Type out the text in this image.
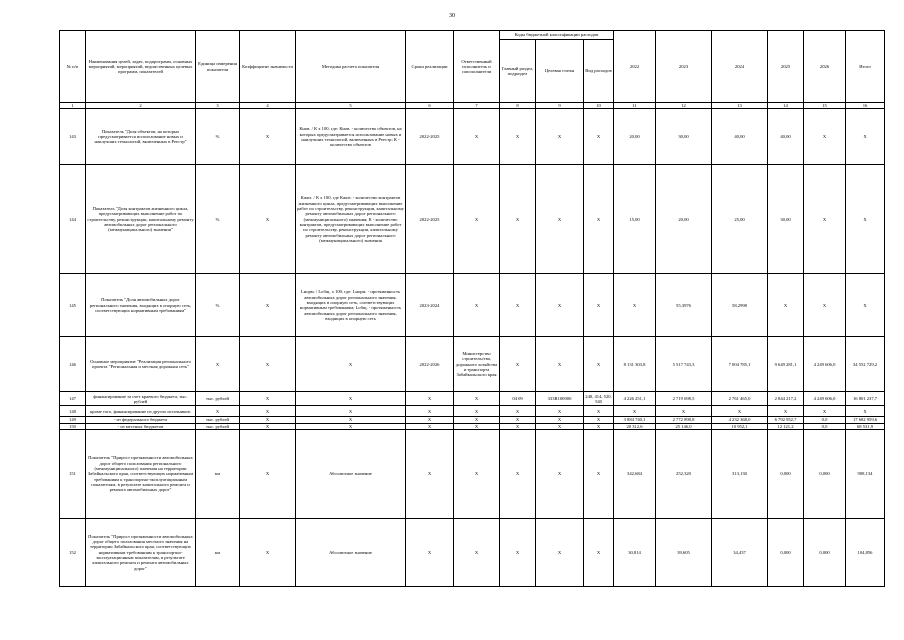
30
№ п/п	Наименования целей, задач, подпрограмм, основных мероприятий, мероприятий, ведомственных целевых программ, показателей	Единица измерения показателя	Коэффициент значимости	Методика расчета показателя	Сроки реализации	Ответственный исполнитель и соисполнители	Коды бюджетной классификации расходов			2022	2023	2024	2025	2026	Итого
							Главный раздел, подраздел	Целевая статья	Вид расходов						
1	2	3	4	5	6	7	8	9	10	11	12	13	14	15	16
143	Показатель "Доля объектов, на которых предусматривается использование новых и наилучших технологий, включенных в Реестр"	%	X	Кнов. / К x 100, где: Кнов. - количество объектов, на которых предусматривается использование новых и наилучших технологий, включенных в Реестр; К - количество объектов	2022-2025	X	X	X	X	20,00	30,00	40,00	40,00	X	X
144	Показатель "Доля контрактов жизненного цикла, предусматривающих выполнение работ по строительству, реконструкции, капитальному ремонту автомобильных дорог регионального (межмуниципального) значения"	%	X	Кжиз. / К x 100, где Кжиз. - количество контрактов жизненного цикла, предусматривающих выполнение работ по строительству, реконструкции, капитальному ремонту автомобильных дорог регионального (межмуниципального) значения; К - количество контрактов, предусматривающих выполнение работ по строительству, реконструкции, капитальному ремонту автомобильных дорог регионального (межмуниципального) значения	2022-2025	X	X	X	X	15,00	20,00	25,00	30,00	X	X
145	Показатель "Доля автомобильных дорог регионального значения, входящих в опорную сеть, соответствующих нормативным требованиям"	%	X	Lнорм. / Lобщ. x 100, где: Lнорм. - протяженность автомобильных дорог регионального значения, входящих в опорную сеть, соответствующих нормативным требованиям; Lобщ. - протяженность автомобильных дорог регионального значения, входящих в опорную сеть	2023-2024	X	X	X	X	X	55,3976	58,2998	X	X	X
146	Основное мероприятие "Реализация регионального проекта "Региональная и местная дорожная сеть"	X	X	X	2022-2026	Министерство строительства, дорожного хозяйства и транспорта Забайкальского края	X	X	X	8 131 303,8	5 517 743,3	7 004 785,1	9 649 281,1	4 249 606,0	34 552 729,2
147	финансирование за счет краевого бюджета, тыс. рублей	тыс. рублей	X	X	X	X	04 09	333R100000	240, 414, 520, 540	4 226 251,1	2 719 698,5	2 761 465,0	2 844 217,2	4 249 606,0	16 801 237,7
148	кроме того, финансирование из других источников:	X	X	X	X	X	X	X	X	X	X	X	X	X	X
149	- из федерального бюджета	тыс. рублей	X	X	X	X	X	X	X	3 884 740,1	2 772 898,8	4 232 368,0	6 792 952,7	0,0	17 682 959,6
150	- из местных бюджетов	тыс. рублей	X	X	X	X	X	X	X	20 312,6	25 146,0	10 952,1	12 121,2	0,0	68 531,9
151	Показатель "Прирост протяженности автомобильных дорог общего пользования регионального (межмуниципального) значения на территории Забайкальского края, соответствующих нормативным требованиям к транспортно-эксплуатационным показателям, в результате капитального ремонта и ремонта автомобильных дорог"	км	X	Абсолютное значение	X	X	X	X	X	342,684	252,320	313,130	0,000	0,000	908,134
152	Показатель "Прирост протяженности автомобильных дорог общего пользования местного значения на территории Забайкальского края, соответствующих нормативным требованиям к транспортно-эксплуатационным показателям, в результате капитального ремонта и ремонта автомобильных дорог"	км	X	Абсолютное значение	X	X	X	X	X	30,814	39,605	34,437	0,000	0,000	104,856
